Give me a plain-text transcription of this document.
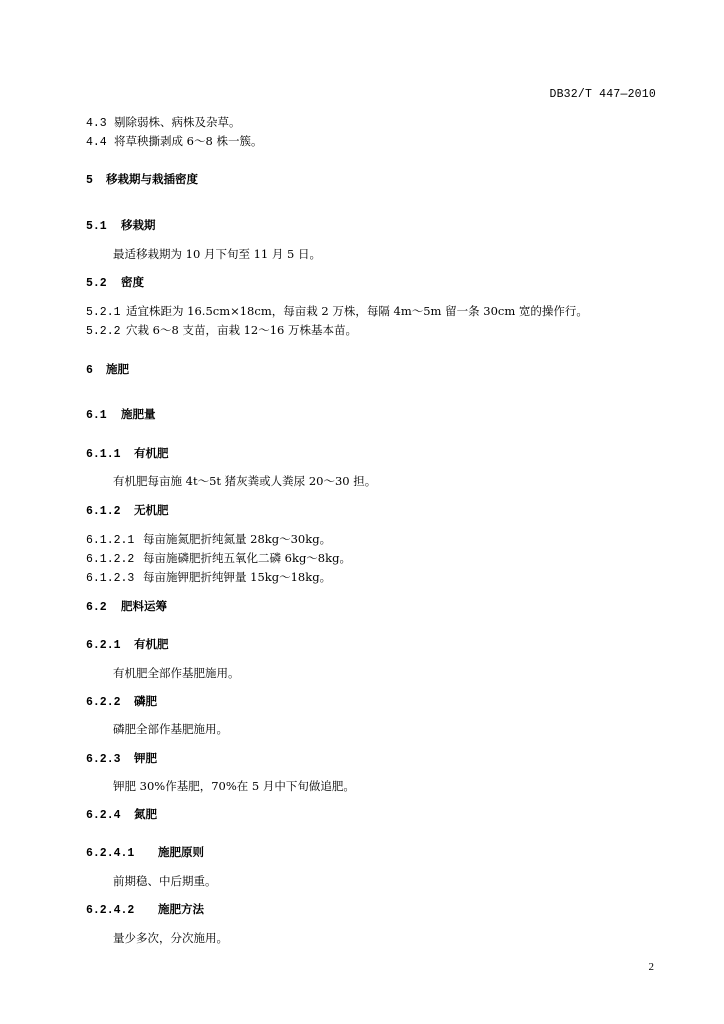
DB32/T 447—2010
4.3 剔除弱株、病株及杂草。
4.4 将草秧撕剥成 6～8 株一簇。
5 移栽期与栽插密度
5.1 移栽期
最适移栽期为 10 月下旬至 11 月 5 日。
5.2 密度
5.2.1 适宜株距为 16.5cm×18cm，每亩栽 2 万株，每隔 4m～5m 留一条 30cm 宽的操作行。
5.2.2 穴栽 6～8 支苗，亩栽 12～16 万株基本苗。
6 施肥
6.1 施肥量
6.1.1 有机肥
有机肥每亩施 4t～5t 猪灰粪或人粪尿 20～30 担。
6.1.2 无机肥
6.1.2.1 每亩施氮肥折纯氮量 28kg～30kg。
6.1.2.2 每亩施磷肥折纯五氧化二磷 6kg～8kg。
6.1.2.3 每亩施钾肥折纯钾量 15kg～18kg。
6.2 肥料运筹
6.2.1 有机肥
有机肥全部作基肥施用。
6.2.2 磷肥
磷肥全部作基肥施用。
6.2.3 钾肥
钾肥 30%作基肥，70%在 5 月中下旬做追肥。
6.2.4 氮肥
6.2.4.1 施肥原则
前期稳、中后期重。
6.2.4.2 施肥方法
量少多次，分次施用。
2
